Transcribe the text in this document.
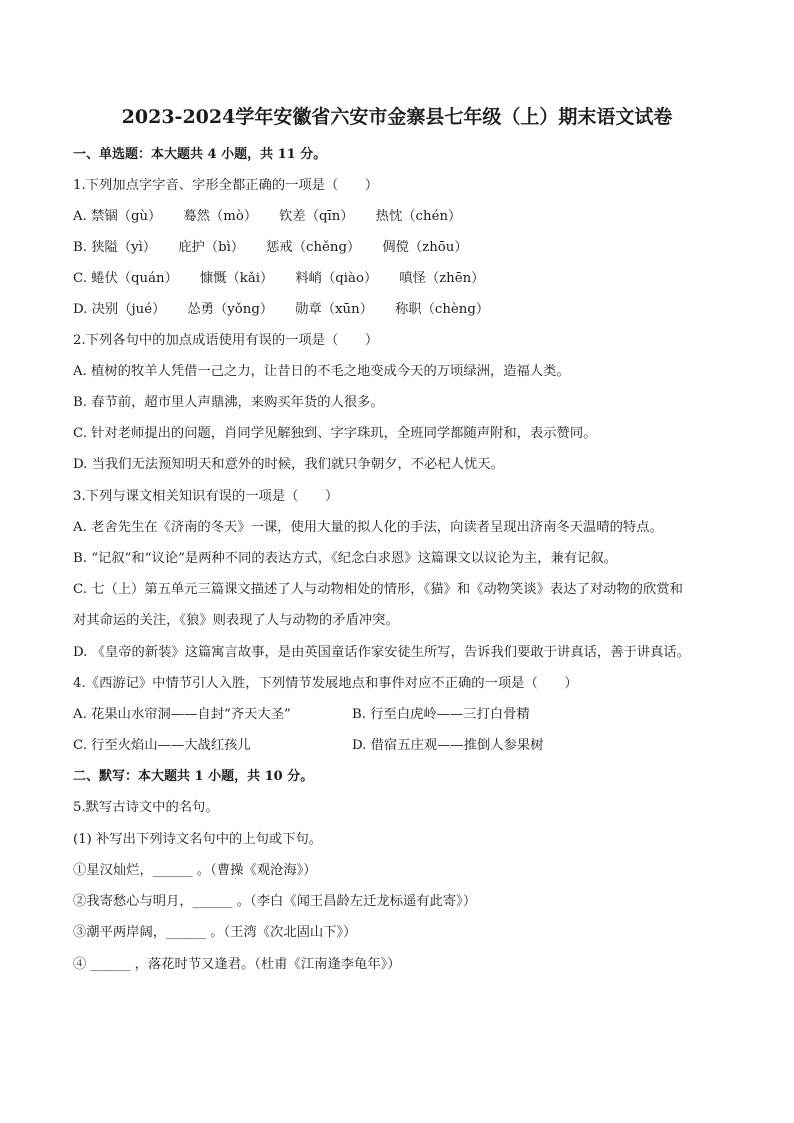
2023-2024学年安徽省六安市金寨县七年级（上）期末语文试卷
一、单选题：本大题共 4 小题，共 11 分。
1.下列加点字字音、字形全都正确的一项是（　　）
A. 禁锢（gù） 蓦然（mò） 钦差（qīn） 热忱（chén）
B. 狭隘（yì） 庇护（bì） 惩戒（chěng） 倜傥（zhōu）
C. 蜷伏（quán） 慷慨（kǎi） 料峭（qiào） 嗔怪（zhēn）
D. 决别（jué） 怂勇（yǒng） 勋章（xūn） 称职（chèng）
2.下列各句中的加点成语使用有误的一项是（　　）
A. 植树的牧羊人凭借一己之力，让昔日的不毛之地变成今天的万顷绿洲，造福人类。
B. 春节前，超市里人声鼎沸，来购买年货的人很多。
C. 针对老师提出的问题，肖同学见解独到、字字珠玑，全班同学都随声附和，表示赞同。
D. 当我们无法预知明天和意外的时候，我们就只争朝夕，不必杞人忧天。
3.下列与课文相关知识有误的一项是（　　）
A. 老舍先生在《济南的冬天》一课，使用大量的拟人化的手法，向读者呈现出济南冬天温晴的特点。
B. “记叙”和“议论”是两种不同的表达方式，《纪念白求恩》这篇课文以议论为主，兼有记叙。
C. 七（上）第五单元三篇课文描述了人与动物相处的情形，《猫》和《动物笑谈》表达了对动物的欣赏和
对其命运的关注，《狼》则表现了人与动物的矛盾冲突。
D. 《皇帝的新装》这篇寓言故事，是由英国童话作家安徒生所写，告诉我们要敢于讲真话，善于讲真话。
4.《西游记》中情节引人入胜，下列情节发展地点和事件对应不正确的一项是（　　）
A. 花果山水帘洞——自封“齐天大圣”	B. 行至白虎岭——三打白骨精
C. 行至火焰山——大战红孩儿	D. 借宿五庄观——推倒人参果树
二、默写：本大题共 1 小题，共 10 分。
5.默写古诗文中的名句。
(1) 补写出下列诗文名句中的上句或下句。
①星汉灿烂，______ 。（曹操《观沧海》）
②我寄愁心与明月，______ 。（李白《闻王昌龄左迁龙标遥有此寄》）
③潮平两岸阔，______ 。（王湾《次北固山下》）
④ ______ ，落花时节又逢君。（杜甫《江南逢李龟年》）
